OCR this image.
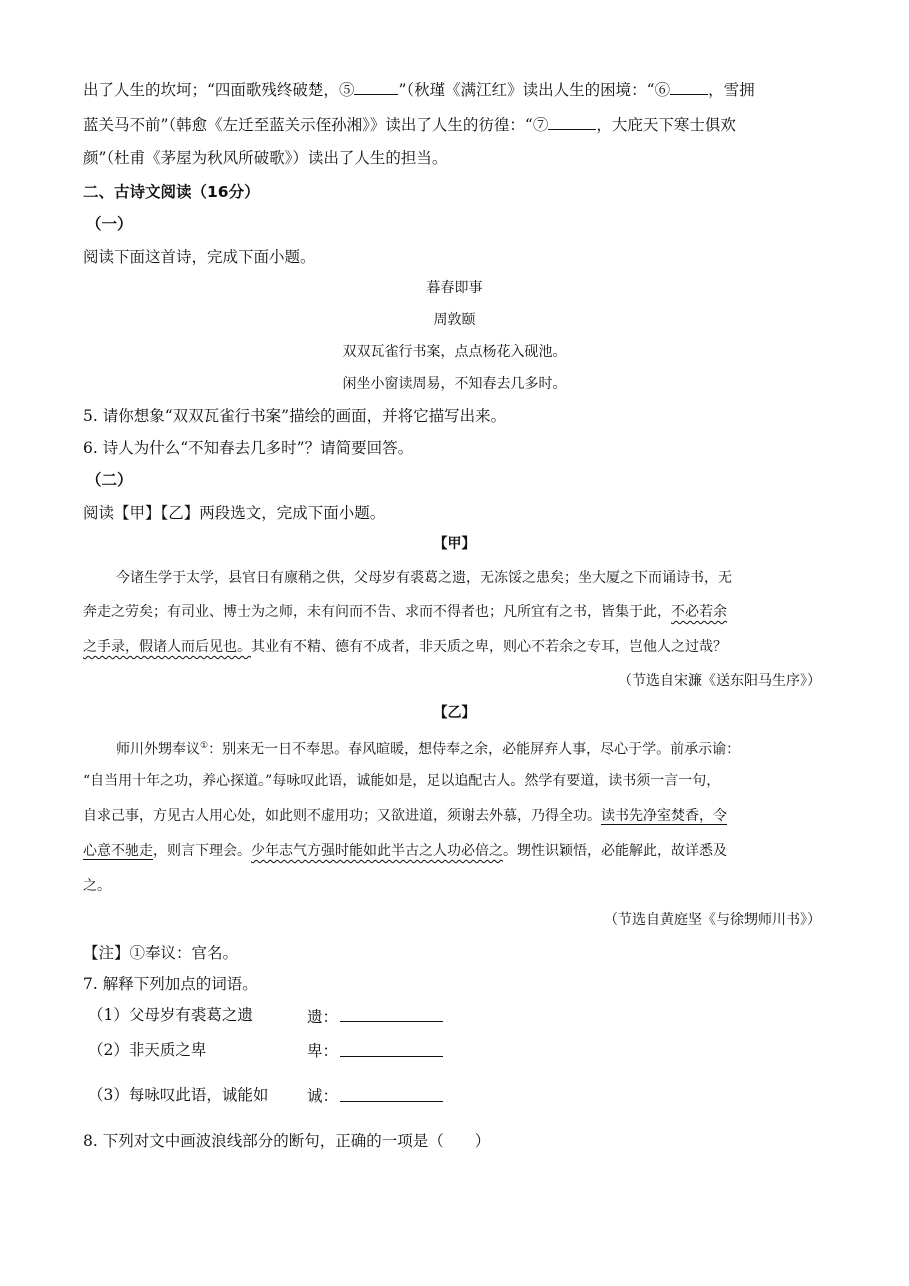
出了人生的坎坷；“四面歌残终破楚，⑤	”（秋瑾《满江红》读出人生的困境：“⑥ ，雪拥
蓝关马不前”（韩愈《左迁至蓝关示侄孙湘》》读出了人生的彷徨：“⑦	，大庇天下寒士俱欢
颜”（杜甫《茅屋为秋风所破歌》）读出了人生的担当。
二、古诗文阅读（16分）
（一）
阅读下面这首诗，完成下面小题。
暮春即事
周敦颐
双双瓦雀行书案，点点杨花入砚池。
闲坐小窗读周易，不知春去几多时。
5. 请你想象“双双瓦雀行书案”描绘的画面，并将它描写出来。
6. 诗人为什么“不知春去几多时”？请简要回答。
（二）
阅读【甲】【乙】两段选文，完成下面小题。
【甲】
今诸生学于太学，县官日有廪稍之供，父母岁有裘葛之遗，无冻馁之患矣；坐大厦之下而诵诗书，无
奔走之劳矣；有司业、博士为之师，未有问而不告、求而不得者也；凡所宜有之书，皆集于此，不必若余
之手录，假诸人而后见也。其业有不精、德有不成者，非天质之卑，则心不若余之专耳，岂他人之过哉？
（节选自宋濂《送东阳马生序》）
【乙】
师川外甥奉议①：别来无一日不奉思。春风暄暖，想侍奉之余，必能屏弃人事，尽心于学。前承示谕：
“自当用十年之功，养心探道。”每咏叹此语，诚能如是，足以追配古人。然学有要道，读书须一言一句，
自求己事，方见古人用心处，如此则不虚用功；又欲进道，须谢去外慕，乃得全功。读书先净室焚香，令
心意不驰走，则言下理会。少年志气方强时能如此半古之人功必倍之。甥性识颖悟，必能解此，故详悉及
之。
（节选自黄庭坚《与徐甥师川书》）
【注】①奉议：官名。
7. 解释下列加点的词语。
（1）父母岁有裘葛之遗	遗：
（2）非天质之卑	卑：
（3）每咏叹此语，诚能如 诚：
8. 下列对文中画波浪线部分的断句，正确的一项是（　　）
